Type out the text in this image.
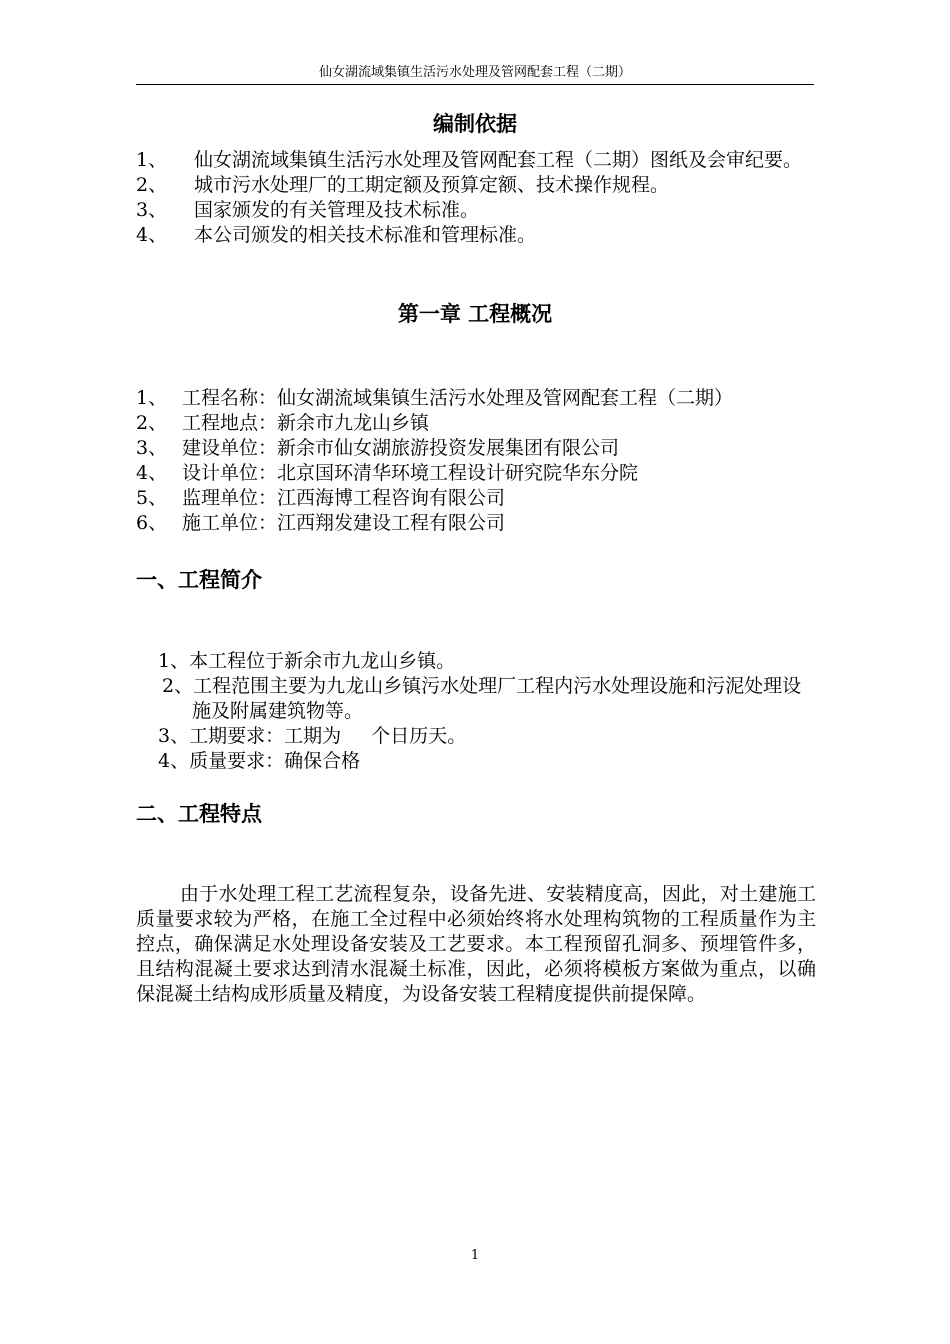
仙女湖流域集镇生活污水处理及管网配套工程（二期）
编制依据
1、 仙女湖流域集镇生活污水处理及管网配套工程（二期）图纸及会审纪要。
2、 城市污水处理厂的工期定额及预算定额、技术操作规程。
3、 国家颁发的有关管理及技术标准。
4、 本公司颁发的相关技术标准和管理标准。
第一章 工程概况
1、 工程名称：仙女湖流域集镇生活污水处理及管网配套工程（二期）
2、 工程地点：新余市九龙山乡镇
3、 建设单位：新余市仙女湖旅游投资发展集团有限公司
4、 设计单位：北京国环清华环境工程设计研究院华东分院
5、 监理单位：江西海博工程咨询有限公司
6、 施工单位：江西翔发建设工程有限公司
一、工程简介
1、本工程位于新余市九龙山乡镇。
2、工程范围主要为九龙山乡镇污水处理厂工程内污水处理设施和污泥处理设施及附属建筑物等。
3、工期要求：工期为     个日历天。
4、质量要求：确保合格
二、工程特点

由于水处理工程工艺流程复杂，设备先进、安装精度高，因此，对土建施工质量要求较为严格，在施工全过程中必须始终将水处理构筑物的工程质量作为主控点，确保满足水处理设备安装及工艺要求。本工程预留孔洞多、预埋管件多，且结构混凝土要求达到清水混凝土标准，因此，必须将模板方案做为重点，以确保混凝土结构成形质量及精度，为设备安装工程精度提供前提保障。

1
